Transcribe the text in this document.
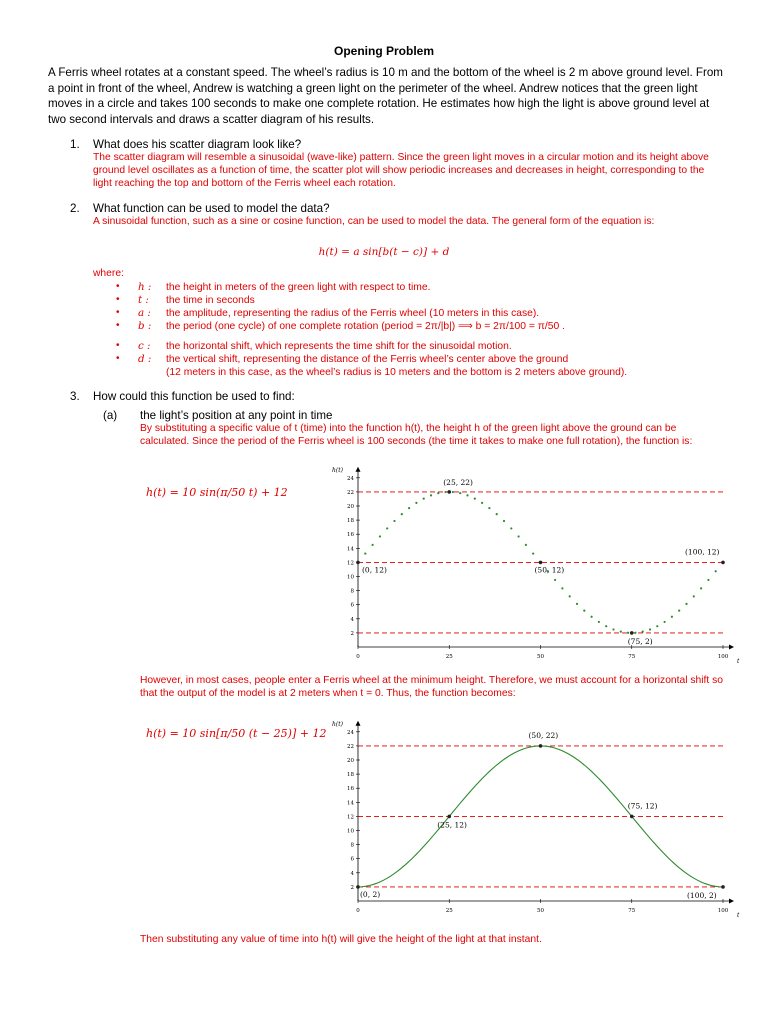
Opening Problem
A Ferris wheel rotates at a constant speed. The wheel’s radius is 10 m and the bottom of the wheel is 2 m above ground level. From a point in front of the wheel, Andrew is watching a green light on the perimeter of the wheel. Andrew notices that the green light moves in a circle and takes 100 seconds to make one complete rotation. He estimates how high the light is above ground level at two second intervals and draws a scatter diagram of his results.
1. What does his scatter diagram look like?
The scatter diagram will resemble a sinusoidal (wave-like) pattern. Since the green light moves in a circular motion and its height above ground level oscillates as a function of time, the scatter plot will show periodic increases and decreases in height, corresponding to the light reaching the top and bottom of the Ferris wheel each rotation.
2. What function can be used to model the data?
A sinusoidal function, such as a sine or cosine function, can be used to model the data. The general form of the equation is:
h(t) = a sin[b(t − c)] + d
where:
• h : the height in meters of the green light with respect to time.
• t : the time in seconds
• a : the amplitude, representing the radius of the Ferris wheel (10 meters in this case).
• b : the period (one cycle) of one complete rotation (period = 2π/|b|) ⟹ b = 2π/100 = π/50 .
• c : the horizontal shift, which represents the time shift for the sinusoidal motion.
• d : the vertical shift, representing the distance of the Ferris wheel’s center above the ground
(12 meters in this case, as the wheel’s radius is 10 meters and the bottom is 2 meters above ground).
3. How could this function be used to find:
(a) the light’s position at any point in time
By substituting a specific value of t (time) into the function h(t), the height h of the green light above the ground can be calculated. Since the period of the Ferris wheel is 100 seconds (the time it takes to make one full rotation), the function is:
h(t) = 10 sin(π/50 t) + 12
h(t)
t
2
4
6
8
10
12
14
16
18
20
22
24
0	25	50	75	100
(0, 12)
(25, 22)
(50, 12)
(75, 2)
(100, 12)
However, in most cases, people enter a Ferris wheel at the minimum height. Therefore, we must account for a horizontal shift so that the output of the model is at 2 meters when t = 0. Thus, the function becomes:
h(t) = 10 sin[π/50 (t − 25)] + 12
h(t)
t
2
4
6
8
10
12
14
16
18
20
22
24
0	25	50	75	100
(0, 2)
(25, 12)
(50, 22)
(75, 12)
(100, 2)
Then substituting any value of time into h(t) will give the height of the light at that instant.
